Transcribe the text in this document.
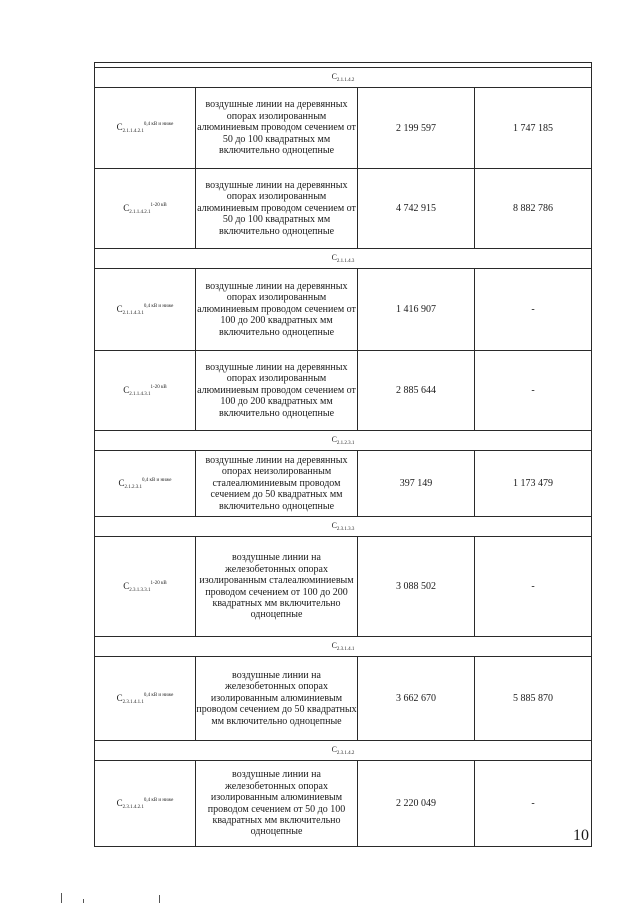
$C_{2.1.1.4.2}$
$C_{2.1.1.4.2.1}^{0,4 кВ и ниже}$	воздушные линии на деревянных опорах изолированным алюминиевым проводом сечением от 50 до 100 квадратных мм включительно одноцепные	2 199 597	1 747 185
$C_{2.1.1.4.2.1}^{1-20 кВ}$	воздушные линии на деревянных опорах изолированным алюминиевым проводом сечением от 50 до 100 квадратных мм включительно одноцепные	4 742 915	8 882 786
$C_{2.1.1.4.3}$
$C_{2.1.1.4.3.1}^{0,4 кВ и ниже}$	воздушные линии на деревянных опорах изолированным алюминиевым проводом сечением от 100 до 200 квадратных мм включительно одноцепные	1 416 907	-
$C_{2.1.1.4.3.1}^{1-20 кВ}$	воздушные линии на деревянных опорах изолированным алюминиевым проводом сечением от 100 до 200 квадратных мм включительно одноцепные	2 885 644	-
$C_{2.1.2.3.1}$
$C_{2.1.2.3.1}^{0,4 кВ и ниже}$	воздушные линии на деревянных опорах неизолированным сталеалюминиевым проводом сечением до 50 квадратных мм включительно одноцепные	397 149	1 173 479
$C_{2.3.1.3.3}$
$C_{2.3.1.3.3.1}^{1-20 кВ}$	воздушные линии на железобетонных опорах изолированным сталеалюминиевым проводом сечением от 100 до 200 квадратных мм включительно одноцепные	3 088 502	-
$C_{2.3.1.4.1}$
$C_{2.3.1.4.1.1}^{0,4 кВ и ниже}$	воздушные линии на железобетонных опорах изолированным алюминиевым проводом сечением до 50 квадратных мм включительно одноцепные	3 662 670	5 885 870
$C_{2.3.1.4.2}$
$C_{2.3.1.4.2.1}^{0,4 кВ и ниже}$	воздушные линии на железобетонных опорах изолированным алюминиевым проводом сечением от 50 до 100 квадратных мм включительно одноцепные	2 220 049	-
10
